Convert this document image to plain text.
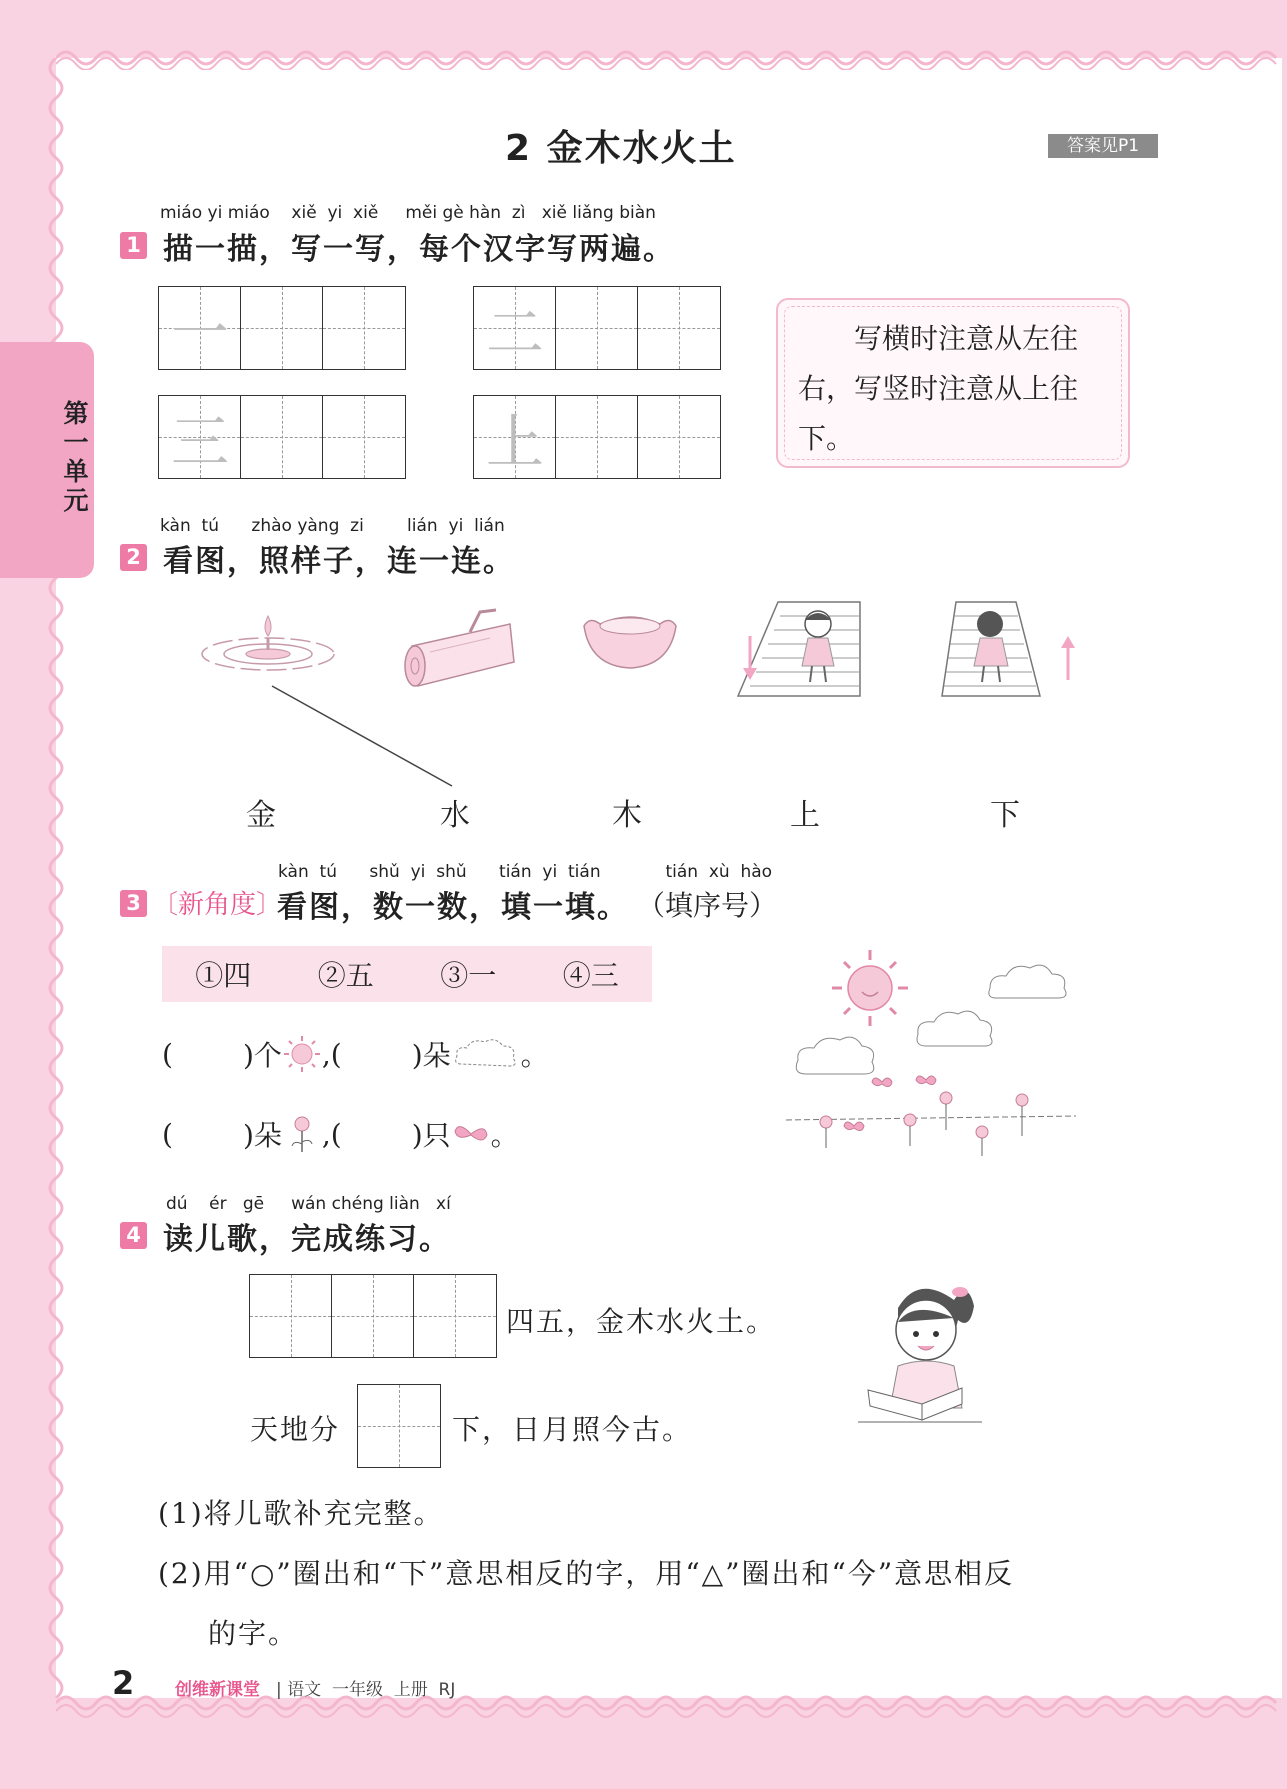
第一单元
2 金木水火土	答案见P1
miáo yi miáo    xiě  yi  xiě     měi gè hàn  zì   xiě liǎng biàn
1 描一描，写一写，每个汉字写两遍。
一	二
三	上
写横时注意从左往右，写竖时注意从上往下。
kàn  tú      zhào yàng  zi        lián  yi  lián
2 看图，照样子，连一连。
金	水	木	上	下
kàn  tú      shǔ  yi  shǔ      tián  yi  tián            tián  xù  hào
3 〔新角度〕
看图，数一数，填一填。 （填序号）
①四 ②五 ③一 ④三
(	)个 ,(	)朵	。
(	)朵 ,(	)只 。
dú    ér   gē     wán chéng liàn   xí
4 读儿歌，完成练习。
四五，金木水火土。
天地分	下，日月照今古。
(1)将儿歌补充完整。
(2)用“○”圈出和“下”意思相反的字，用“△”圈出和“今”意思相反
的字。
2 创维新课堂 | 语文  一年级  上册  RJ
